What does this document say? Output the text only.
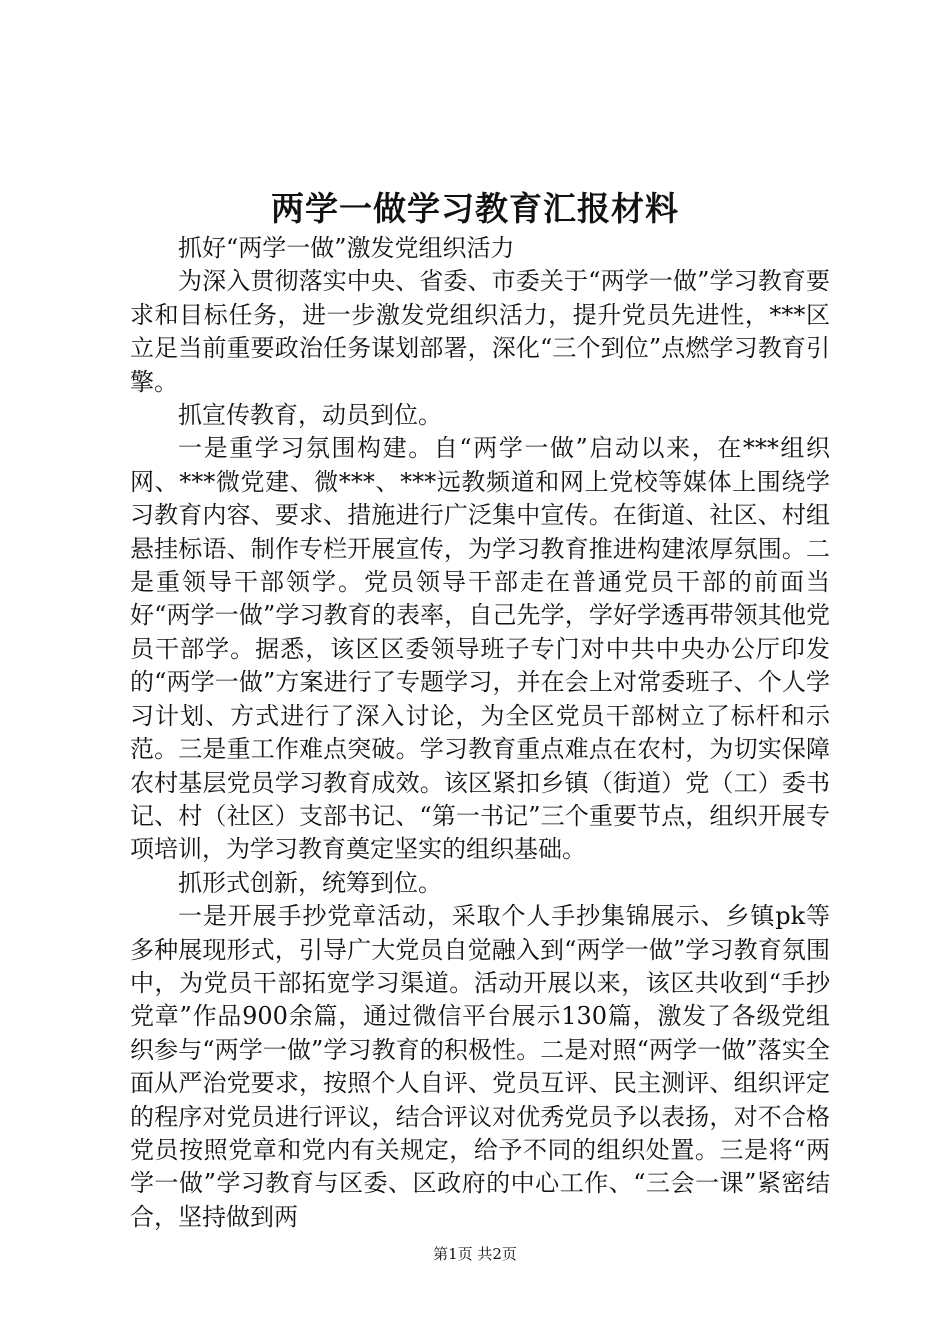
两学一做学习教育汇报材料

抓好“两学一做”激发党组织活力

为深入贯彻落实中央、省委、市委关于“两学一做”学习教育要求和目标任务，进一步激发党组织活力，提升党员先进性，***区立足当前重要政治任务谋划部署，深化“三个到位”点燃学习教育引擎。

抓宣传教育，动员到位。

一是重学习氛围构建。自“两学一做”启动以来，在***组织网、***微党建、微***、***远教频道和网上党校等媒体上围绕学习教育内容、要求、措施进行广泛集中宣传。在街道、社区、村组悬挂标语、制作专栏开展宣传，为学习教育推进构建浓厚氛围。二是重领导干部领学。党员领导干部走在普通党员干部的前面当好“两学一做”学习教育的表率，自己先学，学好学透再带领其他党员干部学。据悉，该区区委领导班子专门对中共中央办公厅印发的“两学一做”方案进行了专题学习，并在会上对常委班子、个人学习计划、方式进行了深入讨论，为全区党员干部树立了标杆和示范。三是重工作难点突破。学习教育重点难点在农村，为切实保障农村基层党员学习教育成效。该区紧扣乡镇（街道）党（工）委书记、村（社区）支部书记、“第一书记”三个重要节点，组织开展专项培训，为学习教育奠定坚实的组织基础。

抓形式创新，统筹到位。

一是开展手抄党章活动，采取个人手抄集锦展示、乡镇pk等多种展现形式，引导广大党员自觉融入到“两学一做”学习教育氛围中，为党员干部拓宽学习渠道。活动开展以来，该区共收到“手抄党章”作品900余篇，通过微信平台展示130篇，激发了各级党组织参与“两学一做”学习教育的积极性。二是对照“两学一做”落实全面从严治党要求，按照个人自评、党员互评、民主测评、组织评定的程序对党员进行评议，结合评议对优秀党员予以表扬，对不合格党员按照党章和党内有关规定，给予不同的组织处置。三是将“两学一做”学习教育与区委、区政府的中心工作、“三会一课”紧密结合，坚持做到两

第1页 共2页
